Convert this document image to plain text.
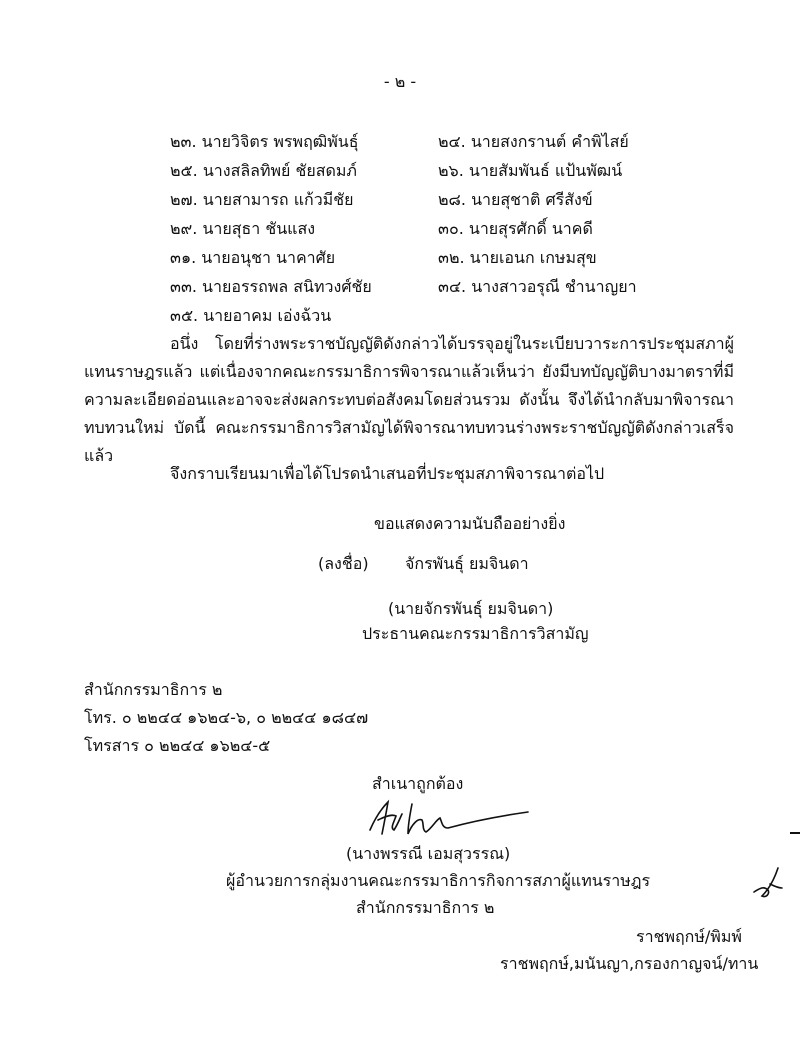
- ๒ -
๒๓. นายวิจิตร พรพฤฒิพันธุ์	๒๔. นายสงกรานต์ คำพิไสย์
๒๕. นางสลิลทิพย์ ชัยสดมภ์	๒๖. นายสัมพันธ์ แป้นพัฒน์
๒๗. นายสามารถ แก้วมีชัย	๒๘. นายสุชาติ ศรีสังข์
๒๙. นายสุธา ชันแสง	๓๐. นายสุรศักดิ์ นาคดี
๓๑. นายอนุชา นาคาศัย	๓๒. นายเอนก เกษมสุข
๓๓. นายอรรถพล สนิทวงศ์ชัย	๓๔. นางสาวอรุณี ชำนาญยา
๓๕. นายอาคม เอ่งฉ้วน
อนึ่ง โดยที่ร่างพระราชบัญญัติดังกล่าวได้บรรจุอยู่ในระเบียบวาระการประชุมสภาผู้แทนราษฎรแล้ว แต่เนื่องจากคณะกรรมาธิการพิจารณาแล้วเห็นว่า ยังมีบทบัญญัติบางมาตราที่มีความละเอียดอ่อนและอาจจะส่งผลกระทบต่อสังคมโดยส่วนรวม ดังนั้น จึงได้นำกลับมาพิจารณาทบทวนใหม่ บัดนี้ คณะกรรมาธิการวิสามัญได้พิจารณาทบทวนร่างพระราชบัญญัติดังกล่าวเสร็จแล้ว
จึงกราบเรียนมาเพื่อได้โปรดนำเสนอที่ประชุมสภาพิจารณาต่อไป
ขอแสดงความนับถืออย่างยิ่ง
(ลงชื่อ) จักรพันธุ์ ยมจินดา
(นายจักรพันธุ์ ยมจินดา)
ประธานคณะกรรมาธิการวิสามัญ
สำนักกรรมาธิการ ๒
โทร. ๐ ๒๒๔๔ ๑๖๒๔-๖, ๐ ๒๒๔๔ ๑๘๔๗
โทรสาร ๐ ๒๒๔๔ ๑๖๒๔-๕
สำเนาถูกต้อง
(นางพรรณี เอมสุวรรณ)
ผู้อำนวยการกลุ่มงานคณะกรรมาธิการกิจการสภาผู้แทนราษฎร
สำนักกรรมาธิการ ๒
ราชพฤกษ์/พิมพ์
ราชพฤกษ์,มนันญา,กรองกาญจน์/ทาน
